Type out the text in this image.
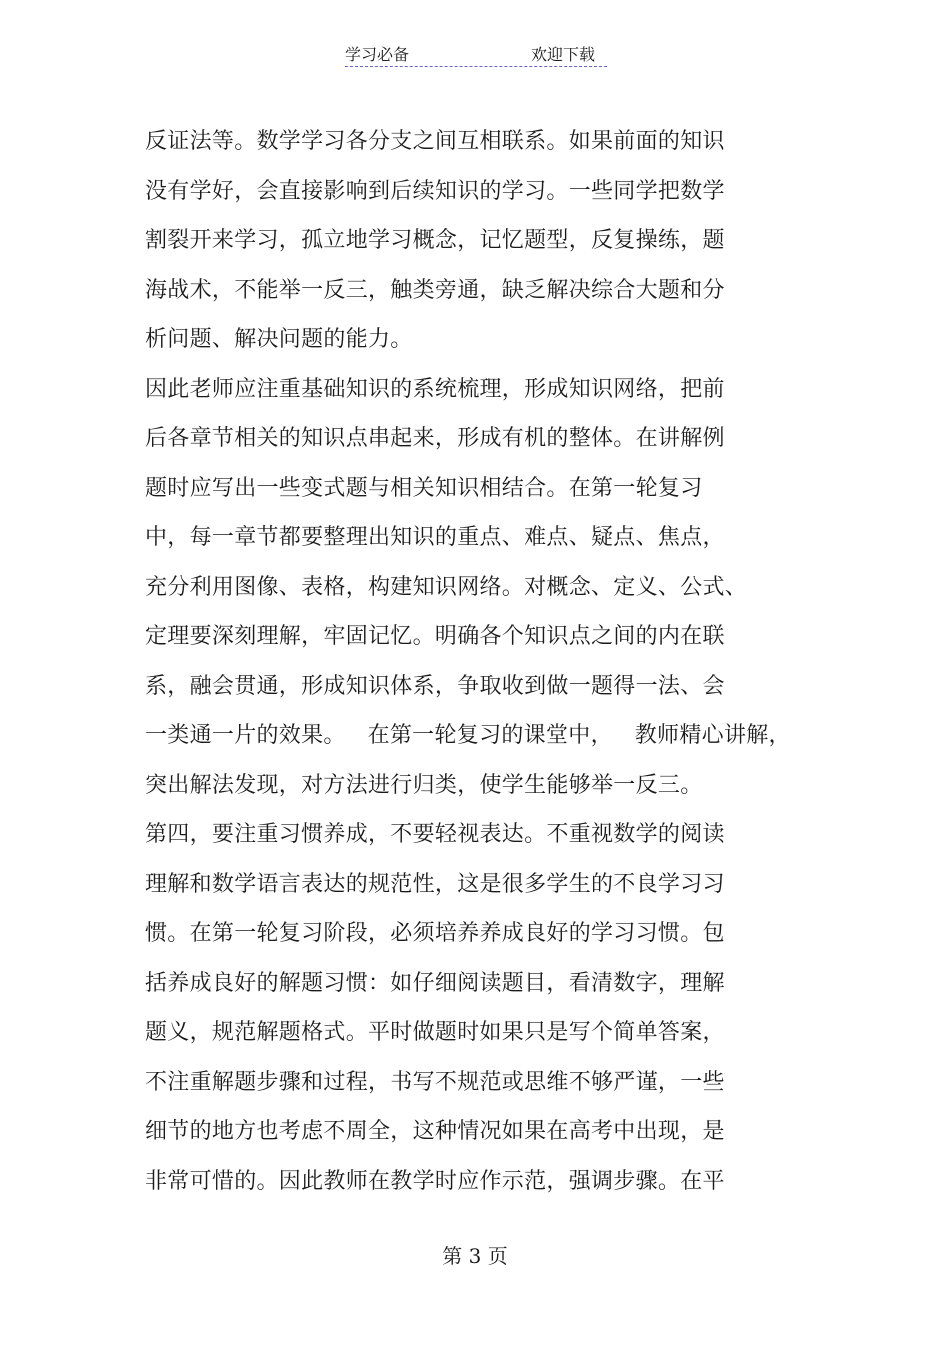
学习必备	欢迎下载
反证法等。数学学习各分支之间互相联系。如果前面的知识
没有学好，会直接影响到后续知识的学习。一些同学把数学
割裂开来学习，孤立地学习概念，记忆题型，反复操练，题
海战术，不能举一反三，触类旁通，缺乏解决综合大题和分
析问题、解决问题的能力。
因此老师应注重基础知识的系统梳理，形成知识网络，把前
后各章节相关的知识点串起来，形成有机的整体。在讲解例
题时应写出一些变式题与相关知识相结合。在第一轮复习
中，每一章节都要整理出知识的重点、难点、疑点、焦点，
充分利用图像、表格，构建知识网络。对概念、定义、公式、
定理要深刻理解，牢固记忆。明确各个知识点之间的内在联
系，融会贯通，形成知识体系，争取收到做一题得一法、会
一类通一片的效果。   在第一轮复习的课堂中，   教师精心讲解，
突出解法发现，对方法进行归类，使学生能够举一反三。
第四，要注重习惯养成，不要轻视表达。不重视数学的阅读
理解和数学语言表达的规范性，这是很多学生的不良学习习
惯。在第一轮复习阶段，必须培养养成良好的学习习惯。包
括养成良好的解题习惯：如仔细阅读题目，看清数字，理解
题义，规范解题格式。平时做题时如果只是写个简单答案，
不注重解题步骤和过程，书写不规范或思维不够严谨，一些
细节的地方也考虑不周全，这种情况如果在高考中出现，是
非常可惜的。因此教师在教学时应作示范，强调步骤。在平
第 3 页
